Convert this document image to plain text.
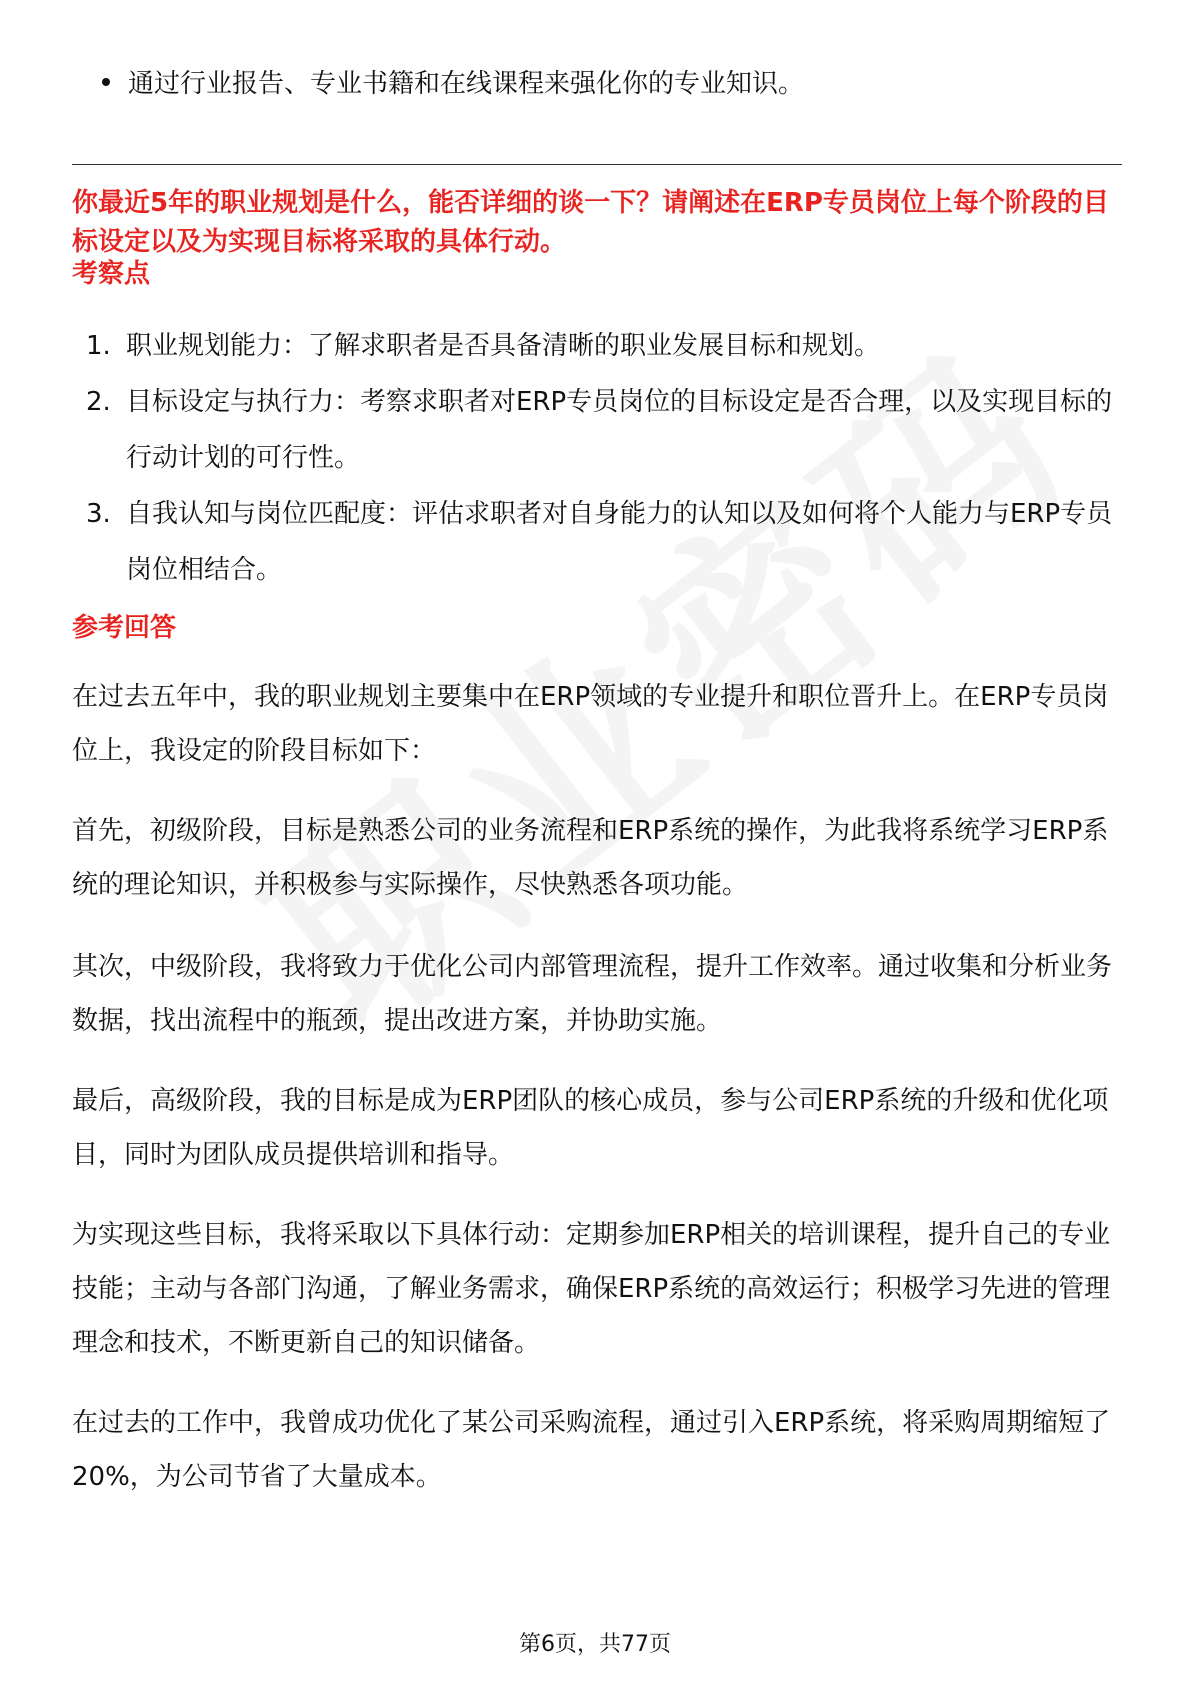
通过行业报告、专业书籍和在线课程来强化你的专业知识。
你最近5年的职业规划是什么，能否详细的谈一下？请阐述在ERP专员岗位上每个阶段的目标设定以及为实现目标将采取的具体行动。
考察点
1. 职业规划能力：了解求职者是否具备清晰的职业发展目标和规划。
2. 目标设定与执行力：考察求职者对ERP专员岗位的目标设定是否合理，以及实现目标的行动计划的可行性。
3. 自我认知与岗位匹配度：评估求职者对自身能力的认知以及如何将个人能力与ERP专员岗位相结合。
参考回答
在过去五年中，我的职业规划主要集中在ERP领域的专业提升和职位晋升上。在ERP专员岗位上，我设定的阶段目标如下：
首先，初级阶段，目标是熟悉公司的业务流程和ERP系统的操作，为此我将系统学习ERP系统的理论知识，并积极参与实际操作，尽快熟悉各项功能。
其次，中级阶段，我将致力于优化公司内部管理流程，提升工作效率。通过收集和分析业务数据，找出流程中的瓶颈，提出改进方案，并协助实施。
最后，高级阶段，我的目标是成为ERP团队的核心成员，参与公司ERP系统的升级和优化项目，同时为团队成员提供培训和指导。
为实现这些目标，我将采取以下具体行动：定期参加ERP相关的培训课程，提升自己的专业技能；主动与各部门沟通，了解业务需求，确保ERP系统的高效运行；积极学习先进的管理理念和技术，不断更新自己的知识储备。
在过去的工作中，我曾成功优化了某公司采购流程，通过引入ERP系统，将采购周期缩短了20%，为公司节省了大量成本。
第6页，共77页
